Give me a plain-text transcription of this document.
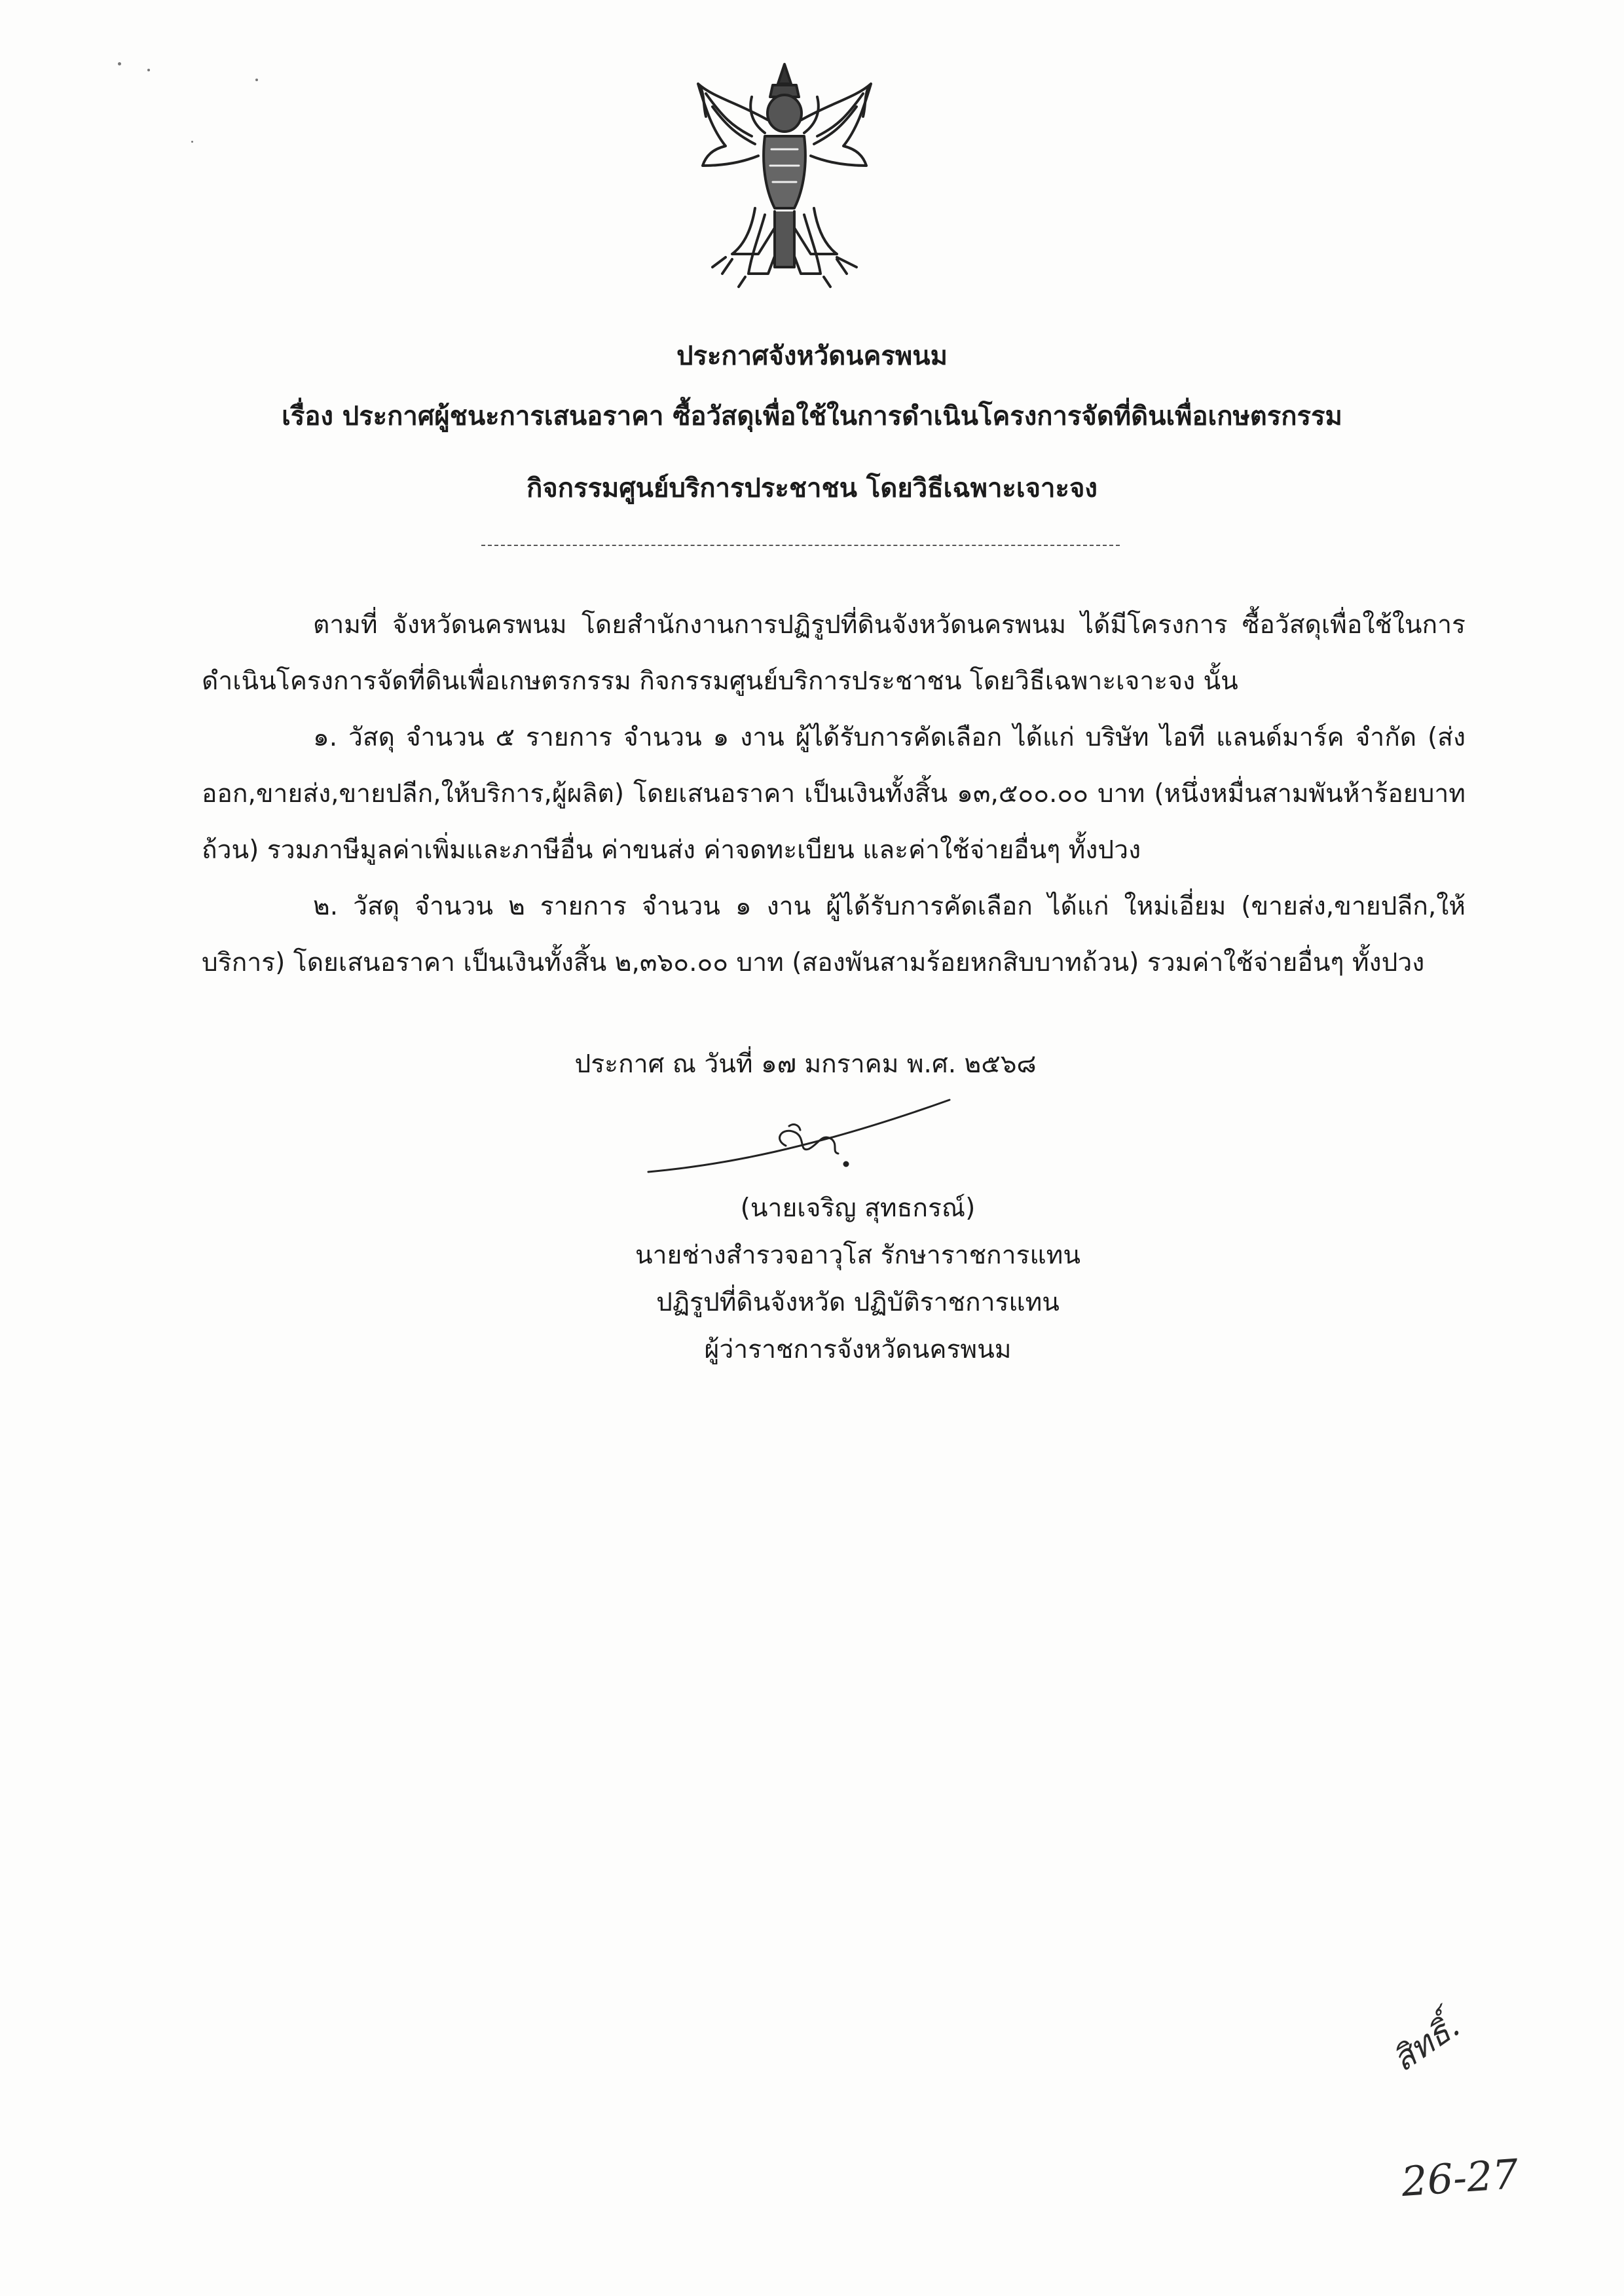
ประกาศจังหวัดนครพนม
เรื่อง ประกาศผู้ชนะการเสนอราคา ซื้อวัสดุเพื่อใช้ในการดำเนินโครงการจัดที่ดินเพื่อเกษตรกรรม
กิจกรรมศูนย์บริการประชาชน โดยวิธีเฉพาะเจาะจง

ตามที่ จังหวัดนครพนม โดยสำนักงานการปฏิรูปที่ดินจังหวัดนครพนม ได้มีโครงการ ซื้อวัสดุเพื่อใช้ในการดำเนินโครงการจัดที่ดินเพื่อเกษตรกรรม กิจกรรมศูนย์บริการประชาชน โดยวิธีเฉพาะเจาะจง นั้น

๑. วัสดุ จำนวน ๕ รายการ จำนวน ๑ งาน ผู้ได้รับการคัดเลือก ได้แก่ บริษัท ไอที แลนด์มาร์ค จำกัด (ส่งออก,ขายส่ง,ขายปลีก,ให้บริการ,ผู้ผลิต) โดยเสนอราคา เป็นเงินทั้งสิ้น ๑๓,๕๐๐.๐๐ บาท (หนึ่งหมื่นสามพันห้าร้อยบาทถ้วน) รวมภาษีมูลค่าเพิ่มและภาษีอื่น ค่าขนส่ง ค่าจดทะเบียน และค่าใช้จ่ายอื่นๆ ทั้งปวง

๒. วัสดุ จำนวน ๒ รายการ จำนวน ๑ งาน ผู้ได้รับการคัดเลือก ได้แก่ ใหม่เอี่ยม (ขายส่ง,ขายปลีก,ให้บริการ) โดยเสนอราคา เป็นเงินทั้งสิ้น ๒,๓๖๐.๐๐ บาท (สองพันสามร้อยหกสิบบาทถ้วน) รวมค่าใช้จ่ายอื่นๆ ทั้งปวง

ประกาศ ณ วันที่ ๑๗ มกราคม พ.ศ. ๒๕๖๘
(นายเจริญ สุทธกรณ์)
นายช่างสำรวจอาวุโส รักษาราชการแทน
ปฏิรูปที่ดินจังหวัด ปฏิบัติราชการแทน
ผู้ว่าราชการจังหวัดนครพนม
สิทธิ์.
26-27
